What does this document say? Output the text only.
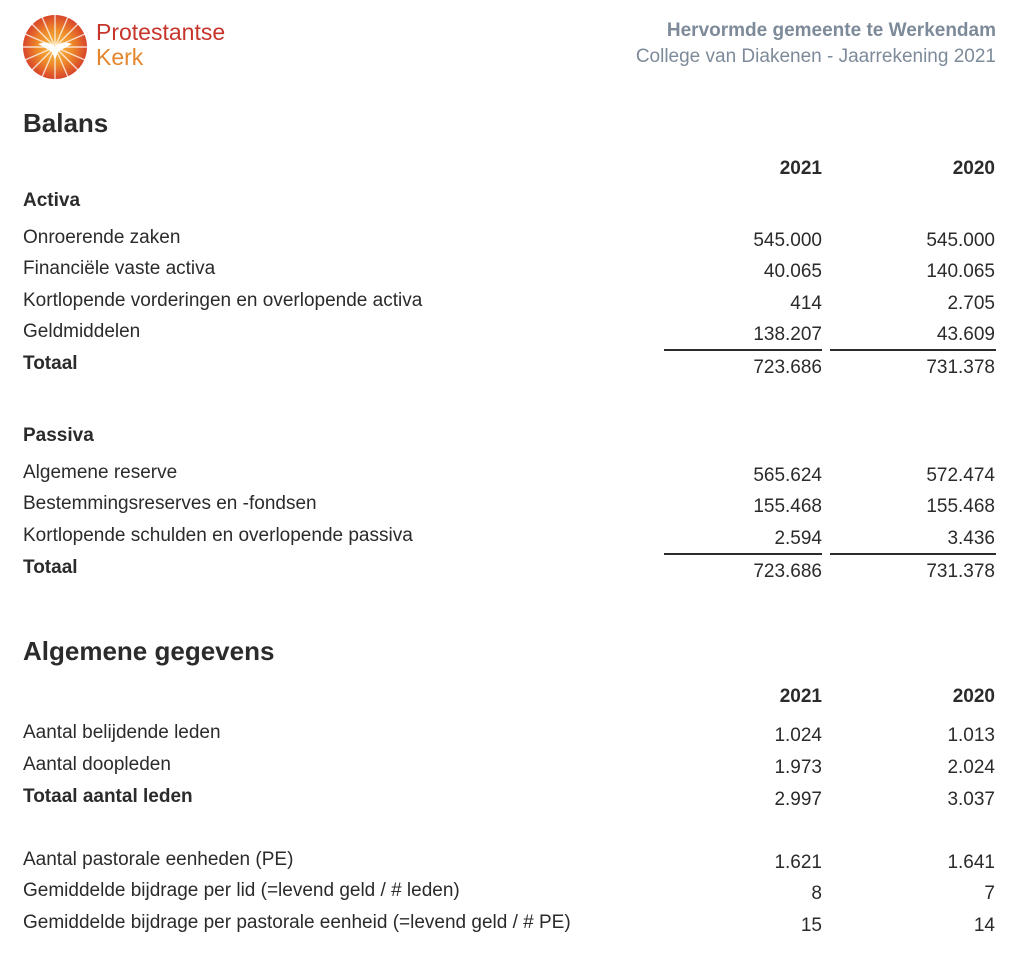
Protestantse
Kerk
Hervormde gemeente te Werkendam
College van Diakenen - Jaarrekening 2021
Balans
2021	2020
Activa
Onroerende zaken	545.000	545.000
Financiële vaste activa	40.065	140.065
Kortlopende vorderingen en overlopende activa	414	2.705
Geldmiddelen	138.207	43.609
Totaal	723.686	731.378
Passiva
Algemene reserve	565.624	572.474
Bestemmingsreserves en -fondsen	155.468	155.468
Kortlopende schulden en overlopende passiva	2.594	3.436
Totaal	723.686	731.378
Algemene gegevens
2021	2020
Aantal belijdende leden	1.024	1.013
Aantal doopleden	1.973	2.024
Totaal aantal leden	2.997	3.037
Aantal pastorale eenheden (PE)	1.621	1.641
Gemiddelde bijdrage per lid (=levend geld / # leden)	8	7
Gemiddelde bijdrage per pastorale eenheid (=levend geld / # PE)	15	14
